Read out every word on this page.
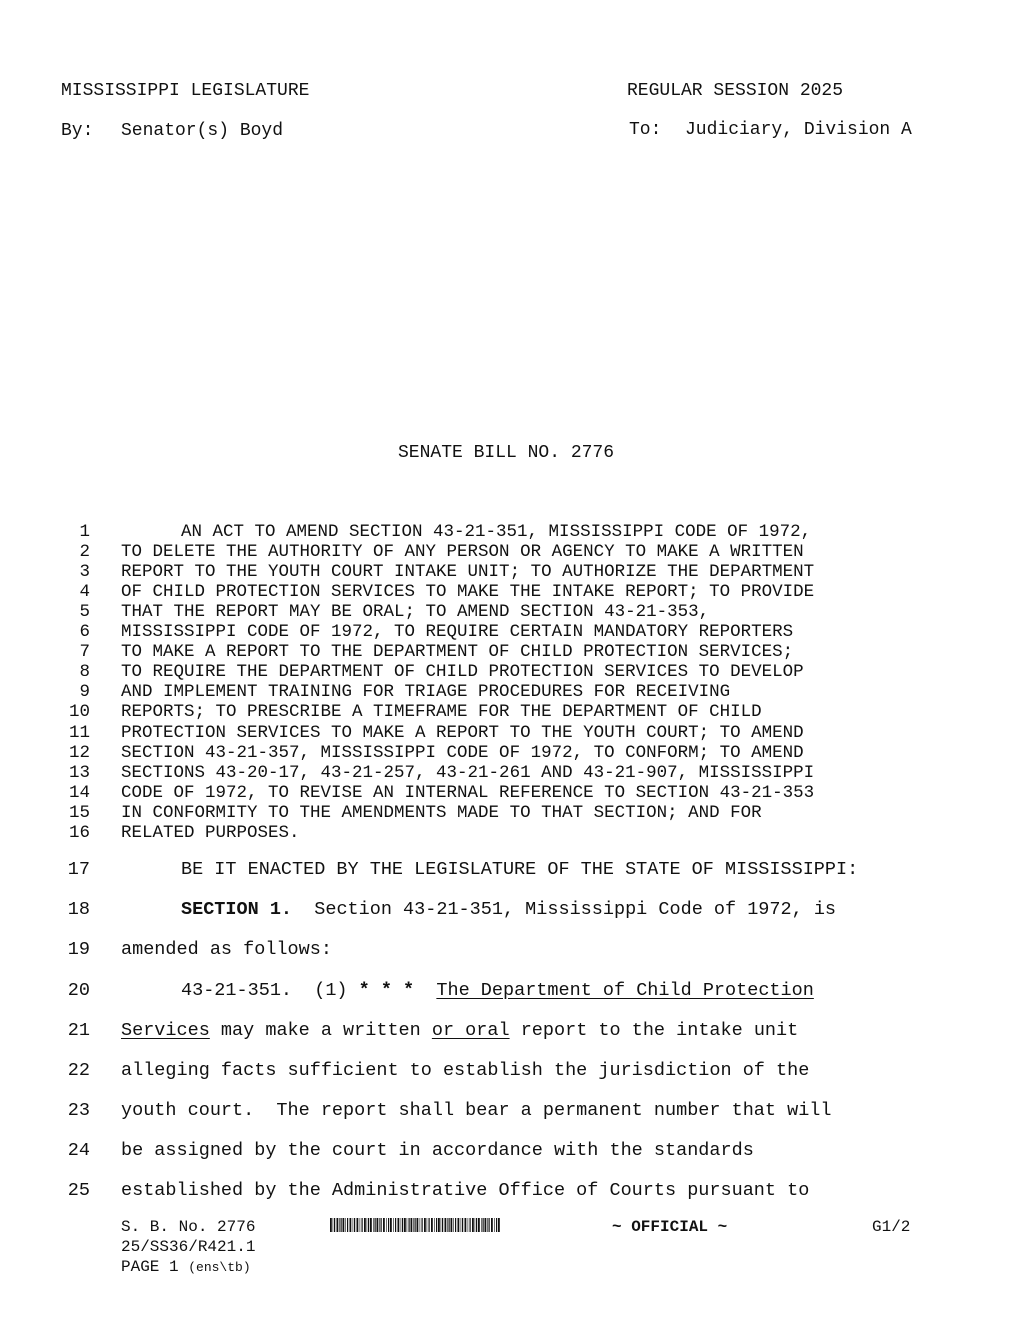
MISSISSIPPI LEGISLATURE	REGULAR SESSION 2025
By: Senator(s) Boyd	To: Judiciary, Division A
SENATE BILL NO. 2776
1	AN ACT TO AMEND SECTION 43-21-351, MISSISSIPPI CODE OF 1972,
2 TO DELETE THE AUTHORITY OF ANY PERSON OR AGENCY TO MAKE A WRITTEN
3 REPORT TO THE YOUTH COURT INTAKE UNIT; TO AUTHORIZE THE DEPARTMENT
4 OF CHILD PROTECTION SERVICES TO MAKE THE INTAKE REPORT; TO PROVIDE
5 THAT THE REPORT MAY BE ORAL; TO AMEND SECTION 43-21-353,
6 MISSISSIPPI CODE OF 1972, TO REQUIRE CERTAIN MANDATORY REPORTERS
7 TO MAKE A REPORT TO THE DEPARTMENT OF CHILD PROTECTION SERVICES;
8 TO REQUIRE THE DEPARTMENT OF CHILD PROTECTION SERVICES TO DEVELOP
9 AND IMPLEMENT TRAINING FOR TRIAGE PROCEDURES FOR RECEIVING
10 REPORTS; TO PRESCRIBE A TIMEFRAME FOR THE DEPARTMENT OF CHILD
11 PROTECTION SERVICES TO MAKE A REPORT TO THE YOUTH COURT; TO AMEND
12 SECTION 43-21-357, MISSISSIPPI CODE OF 1972, TO CONFORM; TO AMEND
13 SECTIONS 43-20-17, 43-21-257, 43-21-261 AND 43-21-907, MISSISSIPPI
14 CODE OF 1972, TO REVISE AN INTERNAL REFERENCE TO SECTION 43-21-353
15 IN CONFORMITY TO THE AMENDMENTS MADE TO THAT SECTION; AND FOR
16 RELATED PURPOSES.
17	BE IT ENACTED BY THE LEGISLATURE OF THE STATE OF MISSISSIPPI:
18	SECTION 1.  Section 43-21-351, Mississippi Code of 1972, is
19 amended as follows:
20	43-21-351.  (1) * * * The Department of Child Protection
21 Services may make a written or oral report to the intake unit
22 alleging facts sufficient to establish the jurisdiction of the
23 youth court.  The report shall bear a permanent number that will
24 be assigned by the court in accordance with the standards
25 established by the Administrative Office of Courts pursuant to
S. B. No. 2776	~ OFFICIAL ~	G1/2
25/SS36/R421.1
PAGE 1 (ens\tb)
